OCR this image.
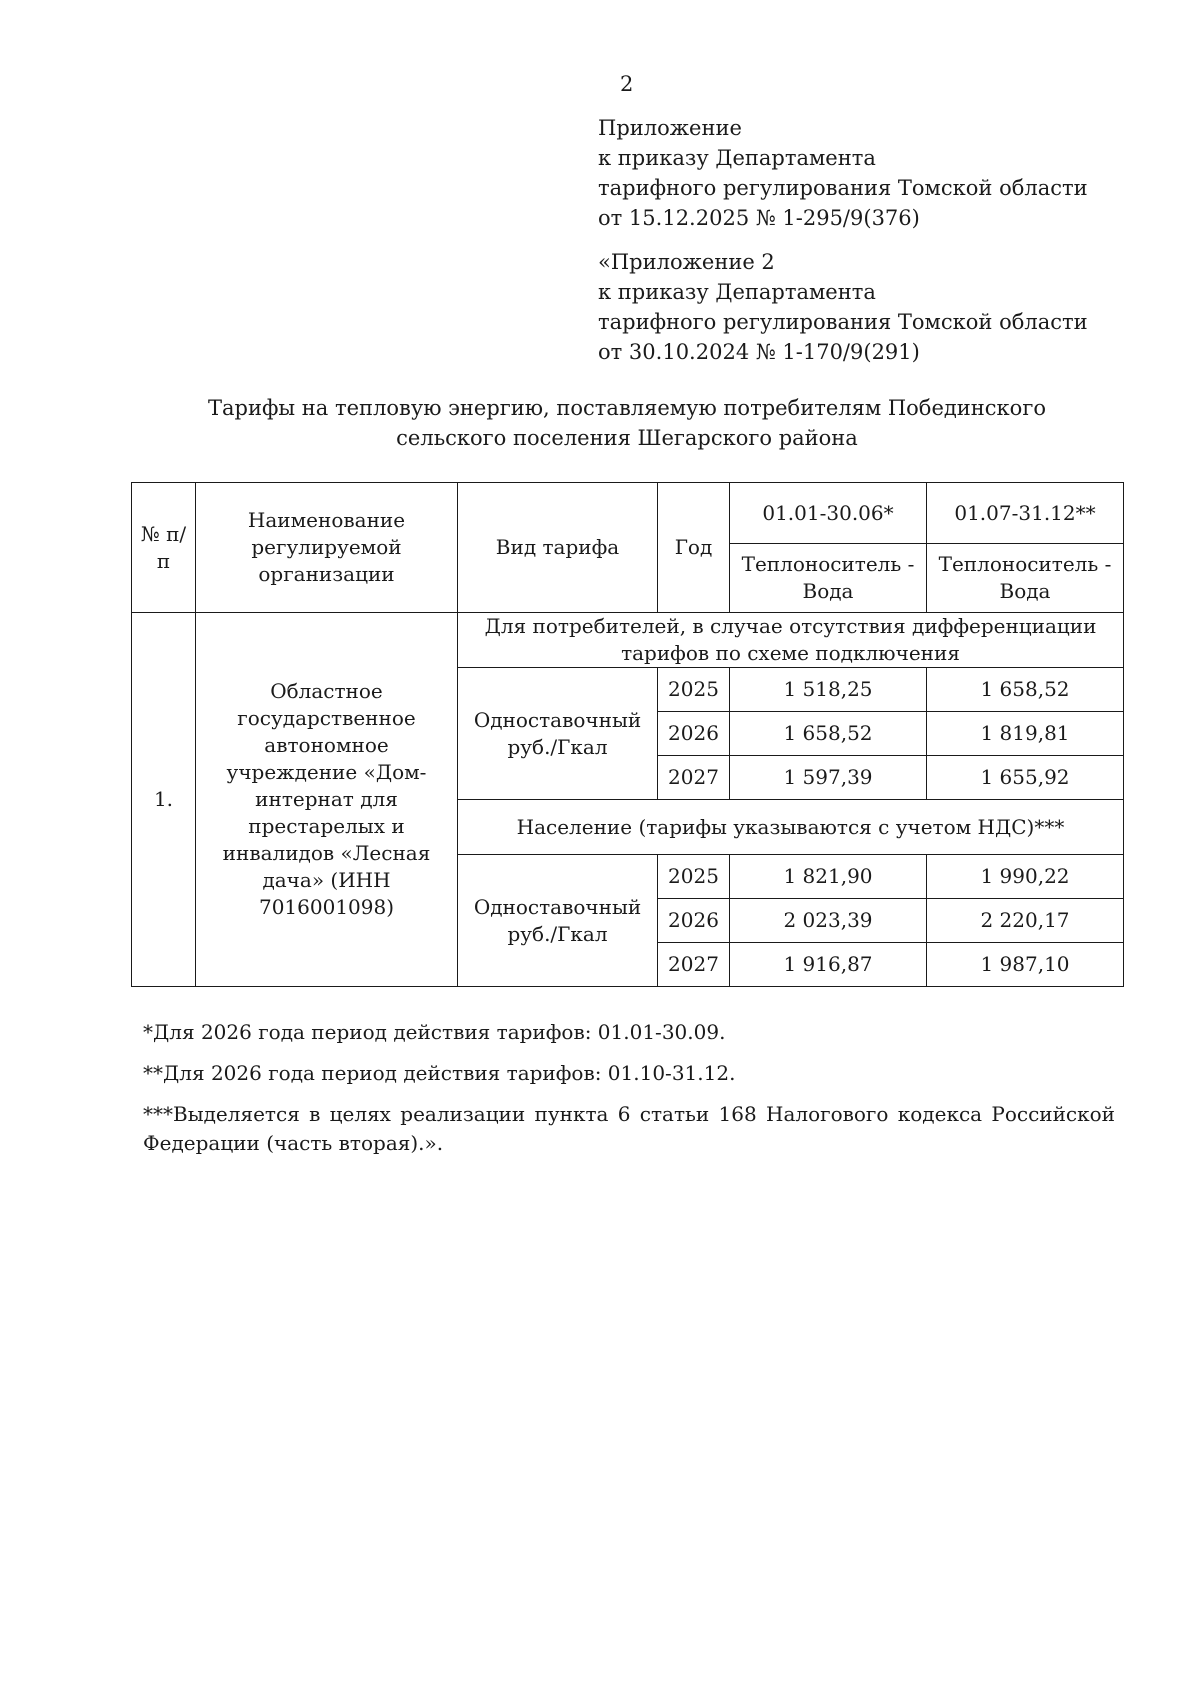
2
Приложение
к приказу Департамента
тарифного регулирования Томской области
от 15.12.2025 № 1-295/9(376)
«Приложение 2
к приказу Департамента
тарифного регулирования Томской области
от 30.10.2024 № 1-170/9(291)
Тарифы на тепловую энергию, поставляемую потребителям Побединского
сельского поселения Шегарского района
№ п/п	Наименование регулируемой организации	Вид тарифа	Год	01.01-30.06*	01.07-31.12**
				Теплоноситель - Вода	Теплоноситель - Вода
1.	Областное государственное автономное учреждение «Дом-интернат для престарелых и инвалидов «Лесная дача» (ИНН 7016001098)	Для потребителей, в случае отсутствия дифференциации тарифов по схеме подключения			
		Одноставочный руб./Гкал	2025	1 518,25	1 658,52
			2026	1 658,52	1 819,81
			2027	1 597,39	1 655,92
		Население (тарифы указываются с учетом НДС)***			
		Одноставочный руб./Гкал	2025	1 821,90	1 990,22
			2026	2 023,39	2 220,17
			2027	1 916,87	1 987,10

*Для 2026 года период действия тарифов: 01.01-30.09.

**Для 2026 года период действия тарифов: 01.10-31.12.

***Выделяется в целях реализации пункта 6 статьи 168 Налогового кодекса Российской Федерации (часть вторая).».
